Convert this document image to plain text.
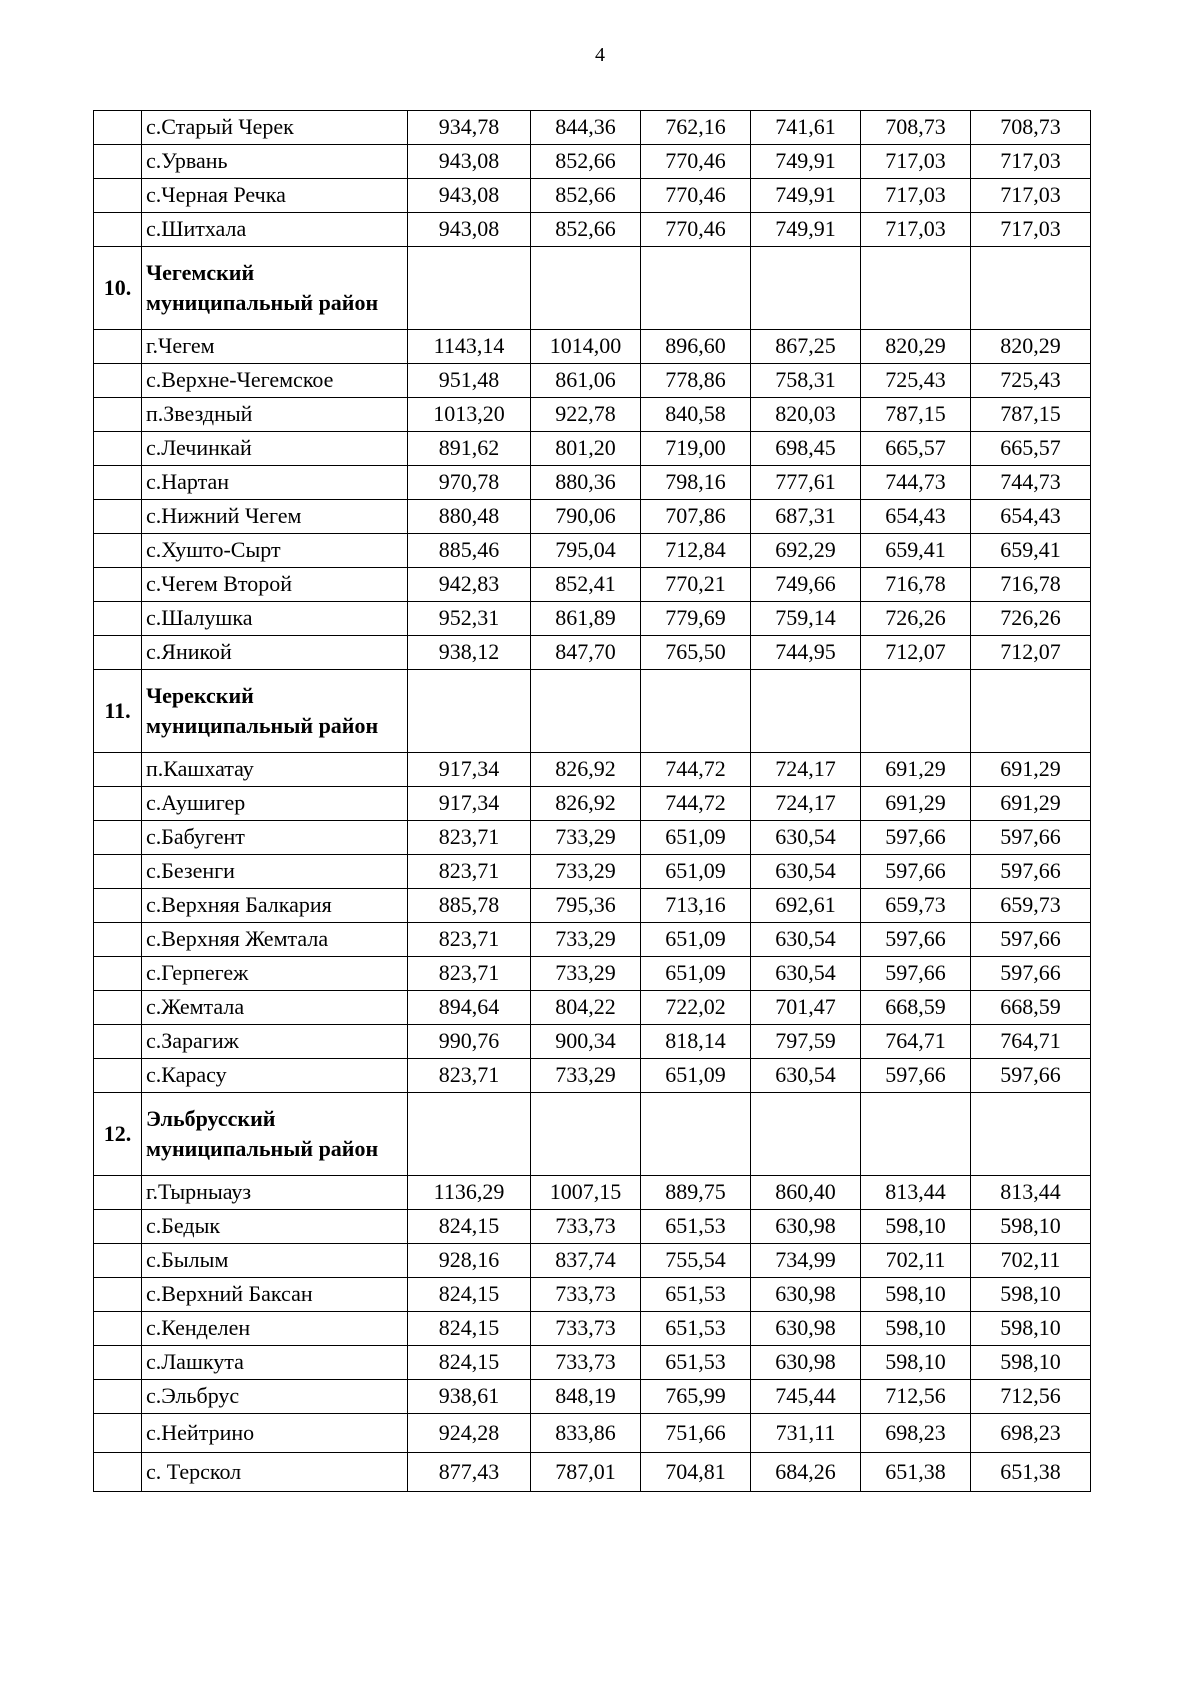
4
	с.Старый Черек	934,78	844,36	762,16	741,61	708,73	708,73
	с.Урвань	943,08	852,66	770,46	749,91	717,03	717,03
	с.Черная Речка	943,08	852,66	770,46	749,91	717,03	717,03
	с.Шитхала	943,08	852,66	770,46	749,91	717,03	717,03
10.	Чегемский муниципальный район						
	г.Чегем	1143,14	1014,00	896,60	867,25	820,29	820,29
	с.Верхне-Чегемское	951,48	861,06	778,86	758,31	725,43	725,43
	п.Звездный	1013,20	922,78	840,58	820,03	787,15	787,15
	с.Лечинкай	891,62	801,20	719,00	698,45	665,57	665,57
	с.Нартан	970,78	880,36	798,16	777,61	744,73	744,73
	с.Нижний Чегем	880,48	790,06	707,86	687,31	654,43	654,43
	с.Хушто-Сырт	885,46	795,04	712,84	692,29	659,41	659,41
	с.Чегем Второй	942,83	852,41	770,21	749,66	716,78	716,78
	с.Шалушка	952,31	861,89	779,69	759,14	726,26	726,26
	с.Яникой	938,12	847,70	765,50	744,95	712,07	712,07
11.	Черекский муниципальный район						
	п.Кашхатау	917,34	826,92	744,72	724,17	691,29	691,29
	с.Аушигер	917,34	826,92	744,72	724,17	691,29	691,29
	с.Бабугент	823,71	733,29	651,09	630,54	597,66	597,66
	с.Безенги	823,71	733,29	651,09	630,54	597,66	597,66
	с.Верхняя Балкария	885,78	795,36	713,16	692,61	659,73	659,73
	с.Верхняя Жемтала	823,71	733,29	651,09	630,54	597,66	597,66
	с.Герпегеж	823,71	733,29	651,09	630,54	597,66	597,66
	с.Жемтала	894,64	804,22	722,02	701,47	668,59	668,59
	с.Зарагиж	990,76	900,34	818,14	797,59	764,71	764,71
	с.Карасу	823,71	733,29	651,09	630,54	597,66	597,66
12.	Эльбрусский муниципальный район						
	г.Тырныауз	1136,29	1007,15	889,75	860,40	813,44	813,44
	с.Бедык	824,15	733,73	651,53	630,98	598,10	598,10
	с.Былым	928,16	837,74	755,54	734,99	702,11	702,11
	с.Верхний Баксан	824,15	733,73	651,53	630,98	598,10	598,10
	с.Кенделен	824,15	733,73	651,53	630,98	598,10	598,10
	с.Лашкута	824,15	733,73	651,53	630,98	598,10	598,10
	с.Эльбрус	938,61	848,19	765,99	745,44	712,56	712,56
	с.Нейтрино	924,28	833,86	751,66	731,11	698,23	698,23
	с. Терскол	877,43	787,01	704,81	684,26	651,38	651,38
